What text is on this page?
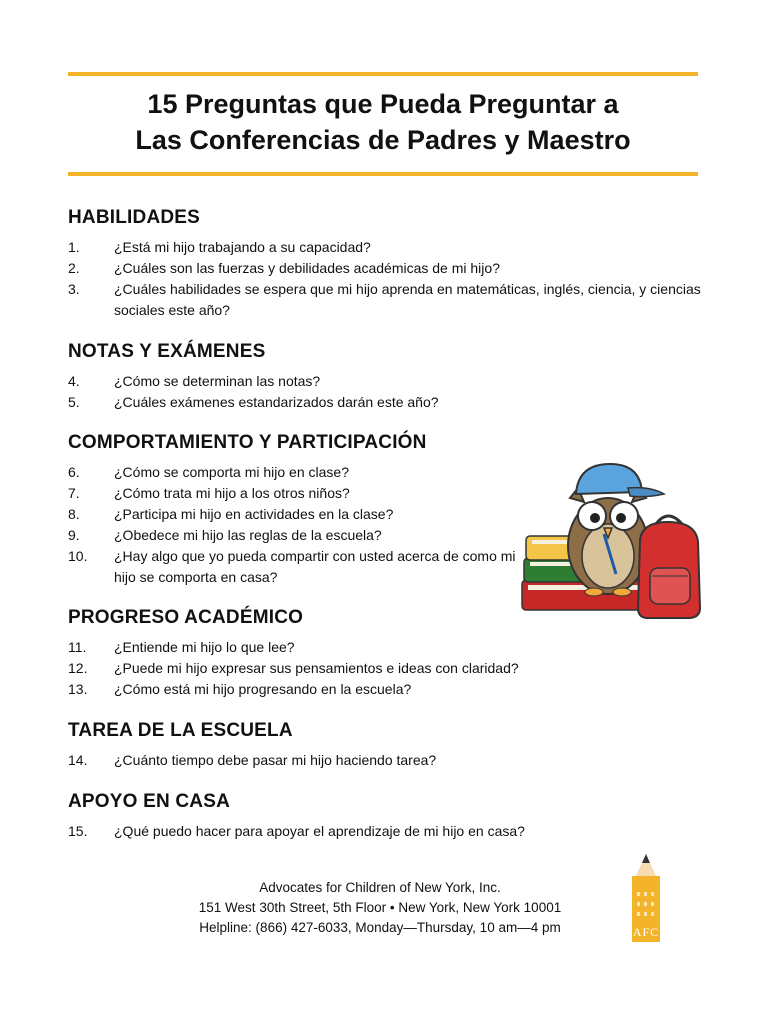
15 Preguntas que Pueda Preguntar a
Las Conferencias de Padres y Maestro
HABILIDADES
1. ¿Está mi hijo trabajando a su capacidad?
2. ¿Cuáles son las fuerzas y debilidades académicas de mi hijo?
3. ¿Cuáles habilidades se espera que mi hijo aprenda en matemáticas, inglés, ciencia, y ciencias sociales este año?
NOTAS Y EXÁMENES
4. ¿Cómo se determinan las notas?
5. ¿Cuáles exámenes estandarizados darán este año?
COMPORTAMIENTO Y PARTICIPACIÓN
6. ¿Cómo se comporta mi hijo en clase?
7. ¿Cómo trata mi hijo a los otros niños?
8. ¿Participa mi hijo en actividades en la clase?
9. ¿Obedece mi hijo las reglas de la escuela?
10. ¿Hay algo que yo pueda compartir con usted acerca de como mi hijo se comporta en casa?
PROGRESO ACADÉMICO
11. ¿Entiende mi hijo lo que lee?
12. ¿Puede mi hijo expresar sus pensamientos e ideas con claridad?
13. ¿Cómo está mi hijo progresando en la escuela?
TAREA DE LA ESCUELA
14. ¿Cuánto tiempo debe pasar mi hijo haciendo tarea?
APOYO EN CASA
15. ¿Qué puedo hacer para apoyar el aprendizaje de mi hijo en casa?
AFC
Advocates for Children of New York, Inc.
151 West 30th Street, 5th Floor • New York, New York 10001
Helpline: (866) 427-6033, Monday—Thursday, 10 am—4 pm
